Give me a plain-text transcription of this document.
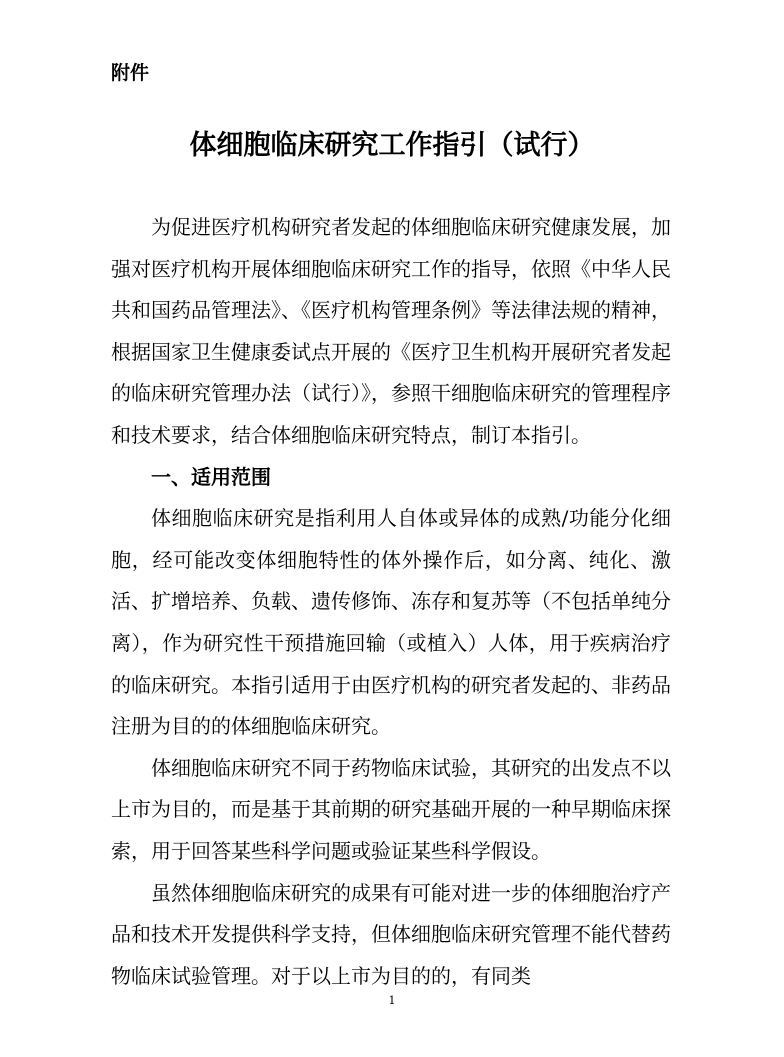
附件
体细胞临床研究工作指引（试行）

为促进医疗机构研究者发起的体细胞临床研究健康发展，加强对医疗机构开展体细胞临床研究工作的指导，依照《中华人民共和国药品管理法》、《医疗机构管理条例》等法律法规的精神，根据国家卫生健康委试点开展的《医疗卫生机构开展研究者发起的临床研究管理办法（试行）》，参照干细胞临床研究的管理程序和技术要求，结合体细胞临床研究特点，制订本指引。

一、适用范围

体细胞临床研究是指利用人自体或异体的成熟/功能分化细胞，经可能改变体细胞特性的体外操作后，如分离、纯化、激活、扩增培养、负载、遗传修饰、冻存和复苏等（不包括单纯分离），作为研究性干预措施回输（或植入）人体，用于疾病治疗的临床研究。本指引适用于由医疗机构的研究者发起的、非药品注册为目的的体细胞临床研究。

体细胞临床研究不同于药物临床试验，其研究的出发点不以上市为目的，而是基于其前期的研究基础开展的一种早期临床探索，用于回答某些科学问题或验证某些科学假设。

虽然体细胞临床研究的成果有可能对进一步的体细胞治疗产品和技术开发提供科学支持，但体细胞临床研究管理不能代替药物临床试验管理。对于以上市为目的的，有同类

1
